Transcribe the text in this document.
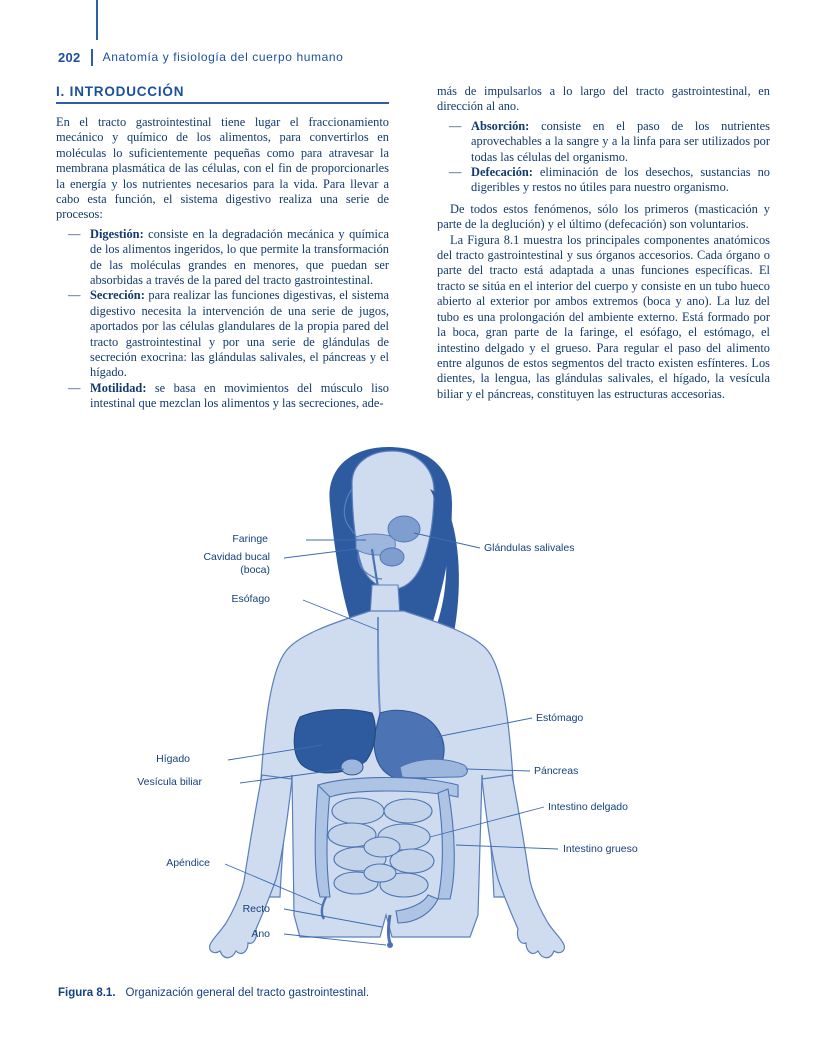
202 Anatomía y fisiología del cuerpo humano
I. INTRODUCCIÓN

En el tracto gastrointestinal tiene lugar el fraccionamiento mecánico y químico de los alimentos, para convertirlos en moléculas lo suficientemente pequeñas como para atravesar la membrana plasmática de las células, con el fin de proporcionarles la energía y los nutrientes necesarios para la vida. Para llevar a cabo esta función, el sistema digestivo realiza una serie de procesos:

— Digestión: consiste en la degradación mecánica y química de los alimentos ingeridos, lo que permite la transformación de las moléculas grandes en menores, que puedan ser absorbidas a través de la pared del tracto gastrointestinal.
— Secreción: para realizar las funciones digestivas, el sistema digestivo necesita la intervención de una serie de jugos, aportados por las células glandulares de la propia pared del tracto gastrointestinal y por una serie de glándulas de secreción exocrina: las glándulas salivales, el páncreas y el hígado.
— Motilidad: se basa en movimientos del músculo liso intestinal que mezclan los alimentos y las secreciones, ade-

más de impulsarlos a lo largo del tracto gastrointestinal, en dirección al ano.

— Absorción: consiste en el paso de los nutrientes aprovechables a la sangre y a la linfa para ser utilizados por todas las células del organismo.
— Defecación: eliminación de los desechos, sustancias no digeribles y restos no útiles para nuestro organismo.

De todos estos fenómenos, sólo los primeros (masticación y parte de la deglución) y el último (defecación) son voluntarios.

La Figura 8.1 muestra los principales componentes anatómicos del tracto gastrointestinal y sus órganos accesorios. Cada órgano o parte del tracto está adaptada a unas funciones específicas. El tracto se sitúa en el interior del cuerpo y consiste en un tubo hueco abierto al exterior por ambos extremos (boca y ano). La luz del tubo es una prolongación del ambiente externo. Está formado por la boca, gran parte de la faringe, el esófago, el estómago, el intestino delgado y el grueso. Para regular el paso del alimento entre algunos de estos segmentos del tracto existen esfínteres. Los dientes, la lengua, las glándulas salivales, el hígado, la vesícula biliar y el páncreas, constituyen las estructuras accesorias.

Faringe
Cavidad bucal
(boca)
Esófago
Hígado
Vesícula biliar
Apéndice
Recto
Ano
Glándulas salivales
Estómago
Páncreas
Intestino delgado
Intestino grueso
Figura 8.1. Organización general del tracto gastrointestinal.
